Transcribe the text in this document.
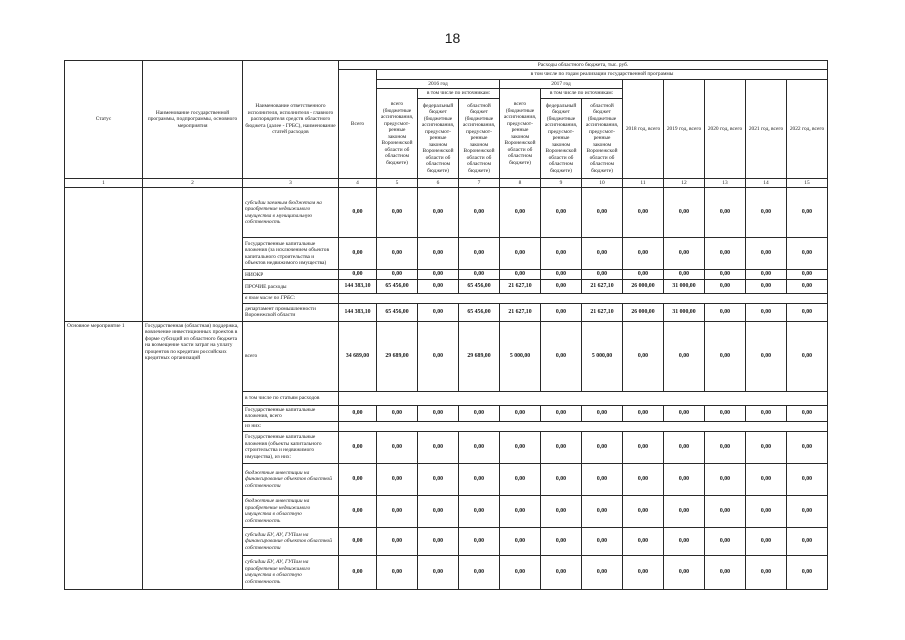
18
Статус	Наименование государственной программы, подпрограммы, основного мероприятия	Наименование ответственного исполнителя, исполнителя - главного распорядителя средств областного бюджета (далее - ГРБС), наименование статей расходов	Расходы областного бюджета, тыс. руб.											
			Всего	в том числе по годам реализации государственной программы										
				2016 год			2017 год			2018 год, всего	2019 год, всего	2020 год, всего	2021 год, всего	2022 год, всего
				всего (бюджетные ассигнования, предусмот-ренные законом Воронежской области об областном бюджете)	в том числе по источникам:		всего (бюджетные ассигнования, предусмот-ренные законом Воронежской области об областном бюджете)	в том числе по источникам:						
					федеральный бюджет (бюджетные ассигнования, предусмот-ренные законом Воронежской области об областном бюджете)	областной бюджет (бюджетные ассигнования, предусмот-ренные законом Воронежской области об областном бюджете)		федеральный бюджет (бюджетные ассигнования, предусмот-ренные законом Воронежской области об областном бюджете)	областной бюджет (бюджетные ассигнования, предусмот-ренные законом Воронежской области об областном бюджете)					
1	2	3	4	5	6	7	8	9	10	11	12	13	14	15
		субсидии заемным бюджетам на приобретение недвижимого имущества в муниципальную собственность	0,00	0,00	0,00	0,00	0,00	0,00	0,00	0,00	0,00	0,00	0,00	0,00
		Государственные капитальные вложения (за исключением объектов капитального строительства и объектов недвижимого имущества)	0,00	0,00	0,00	0,00	0,00	0,00	0,00	0,00	0,00	0,00	0,00	0,00
		НИОКР	0,00	0,00	0,00	0,00	0,00	0,00	0,00	0,00	0,00	0,00	0,00	0,00
		ПРОЧИЕ расходы	144 383,10	65 456,00	0,00	65 456,00	21 627,10	0,00	21 627,10	26 000,00	31 000,00	0,00	0,00	0,00
		в том числе по ГРБС:												
		департамент промышленности Воронежской области	144 383,10	65 456,00	0,00	65 456,00	21 627,10	0,00	21 627,10	26 000,00	31 000,00	0,00	0,00	0,00
Основное мероприятие 1	Государственная (областная) поддержка, вовлечение инвестиционных проектов в форме субсидий из областного бюджета на возмещение части затрат на уплату процентов по кредитам российских кредитных организаций	всего	34 689,00	29 689,00	0,00	29 689,00	5 000,00	0,00	5 000,00	0,00	0,00	0,00	0,00	0,00
		в том числе по статьям расходов												
		Государственные капитальные вложения, всего	0,00	0,00	0,00	0,00	0,00	0,00	0,00	0,00	0,00	0,00	0,00	0,00
		из них:												
		Государственные капитальные вложения (объекты капитального строительства и недвижимого имущества), из них:	0,00	0,00	0,00	0,00	0,00	0,00	0,00	0,00	0,00	0,00	0,00	0,00
		бюджетные инвестиции на финансирование объектов областной собственности	0,00	0,00	0,00	0,00	0,00	0,00	0,00	0,00	0,00	0,00	0,00	0,00
		бюджетные инвестиции на приобретение недвижимого имущества в областную собственность	0,00	0,00	0,00	0,00	0,00	0,00	0,00	0,00	0,00	0,00	0,00	0,00
		субсидии БУ, АУ, ГУПам на финансирование объектов областной собственности	0,00	0,00	0,00	0,00	0,00	0,00	0,00	0,00	0,00	0,00	0,00	0,00
		субсидии БУ, АУ, ГУПам на приобретение недвижимого имущества в областную собственность	0,00	0,00	0,00	0,00	0,00	0,00	0,00	0,00	0,00	0,00	0,00	0,00
